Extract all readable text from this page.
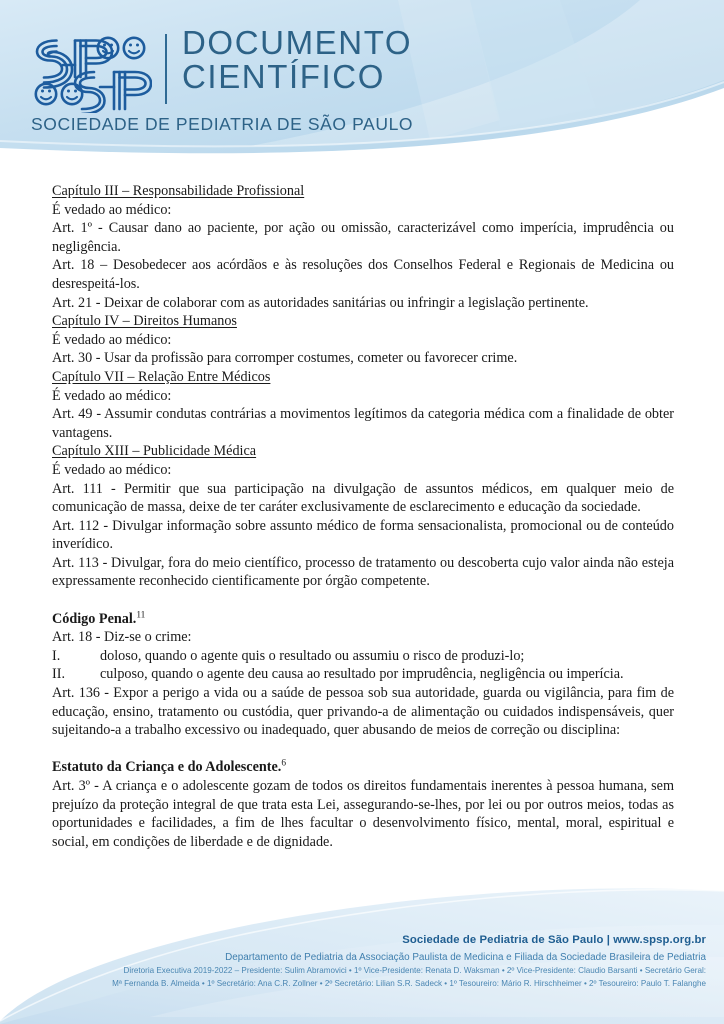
DOCUMENTO
CIENTÍFICO
SOCIEDADE DE PEDIATRIA DE SÃO PAULO

Capítulo III – Responsabilidade Profissional

É vedado ao médico:

Art. 1º - Causar dano ao paciente, por ação ou omissão, caracterizável como imperícia, imprudência ou negligência.

Art. 18 – Desobedecer aos acórdãos e às resoluções dos Conselhos Federal e Regionais de Medicina ou desrespeitá-los.

Art. 21 - Deixar de colaborar com as autoridades sanitárias ou infringir a legislação pertinente.

Capítulo IV – Direitos Humanos

É vedado ao médico:

Art. 30 - Usar da profissão para corromper costumes, cometer ou favorecer crime.

Capítulo VII – Relação Entre Médicos

É vedado ao médico:

Art. 49 - Assumir condutas contrárias a movimentos legítimos da categoria médica com a finalidade de obter vantagens.

Capítulo XIII – Publicidade Médica

É vedado ao médico:

Art. 111 - Permitir que sua participação na divulgação de assuntos médicos, em qualquer meio de comunicação de massa, deixe de ter caráter exclusivamente de esclarecimento e educação da sociedade.

Art. 112 - Divulgar informação sobre assunto médico de forma sensacionalista, promocional ou de conteúdo inverídico.

Art. 113 - Divulgar, fora do meio científico, processo de tratamento ou descoberta cujo valor ainda não esteja expressamente reconhecido cientificamente por órgão competente.

Código Penal.$^{11}$

Art. 18 - Diz-se o crime:

I.	doloso, quando o agente quis o resultado ou assumiu o risco de produzi-lo;
II.	culposo, quando o agente deu causa ao resultado por imprudência, negligência ou imperícia.

Art. 136 - Expor a perigo a vida ou a saúde de pessoa sob sua autoridade, guarda ou vigilância, para fim de educação, ensino, tratamento ou custódia, quer privando-a de alimentação ou cuidados indispensáveis, quer sujeitando-a a trabalho excessivo ou inadequado, quer abusando de meios de correção ou disciplina:

Estatuto da Criança e do Adolescente.$^6$

Art. 3º - A criança e o adolescente gozam de todos os direitos fundamentais inerentes à pessoa humana, sem prejuízo da proteção integral de que trata esta Lei, assegurando-se-lhes, por lei ou por outros meios, todas as oportunidades e facilidades, a fim de lhes facultar o desenvolvimento físico, mental, moral, espiritual e social, em condições de liberdade e de dignidade.

Sociedade de Pediatria de São Paulo | www.spsp.org.br
Departamento de Pediatria da Associação Paulista de Medicina e Filiada da Sociedade Brasileira de Pediatria
Diretoria Executiva 2019-2022 – Presidente: Sulim Abramovici • 1º Vice-Presidente: Renata D. Waksman • 2º Vice-Presidente: Claudio Barsanti • Secretário Geral:
Mª Fernanda B. Almeida • 1º Secretário: Ana C.R. Zollner • 2º Secretário: Lilian S.R. Sadeck • 1º Tesoureiro: Mário R. Hirschheimer • 2º Tesoureiro: Paulo T. Falanghe
